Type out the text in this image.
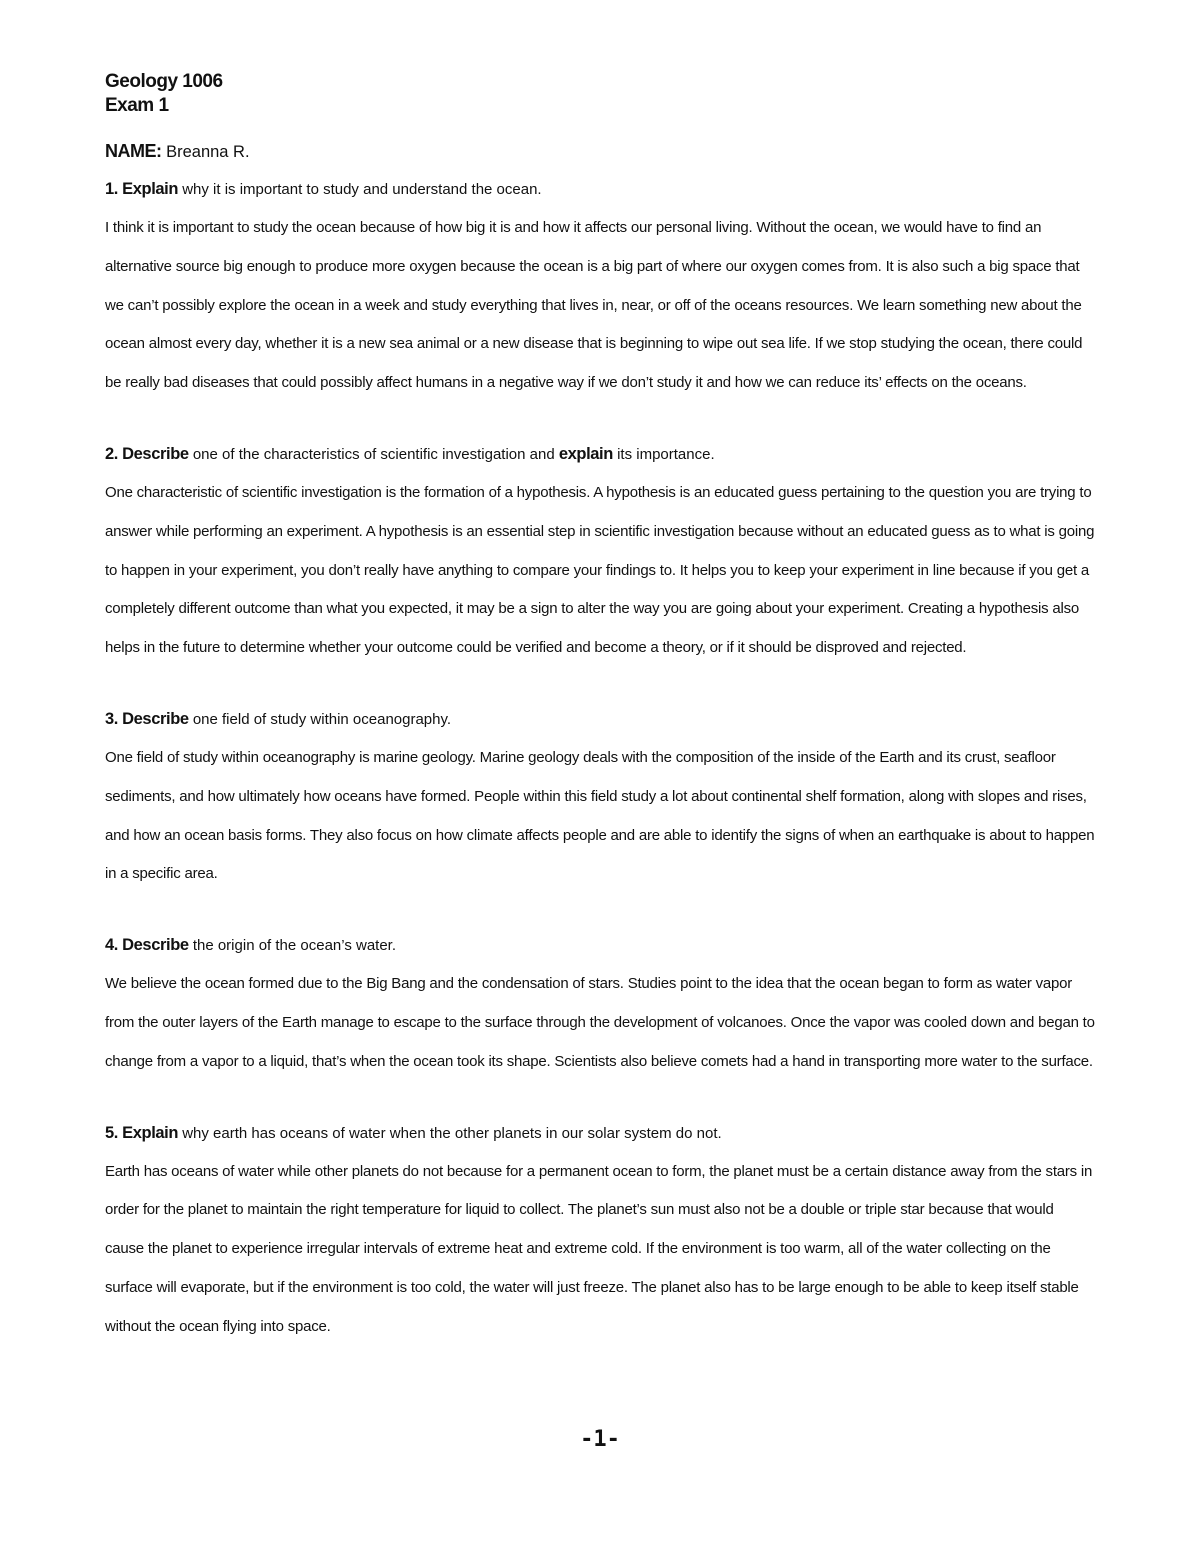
Geology 1006

Exam 1

NAME: Breanna R.

1. Explain why it is important to study and understand the ocean.

I think it is important to study the ocean because of how big it is and how it affects our personal living. Without the ocean, we would have to find an alternative source big enough to produce more oxygen because the ocean is a big part of where our oxygen comes from. It is also such a big space that we can’t possibly explore the ocean in a week and study everything that lives in, near, or off of the oceans resources. We learn something new about the ocean almost every day, whether it is a new sea animal or a new disease that is beginning to wipe out sea life. If we stop studying the ocean, there could be really bad diseases that could possibly affect humans in a negative way if we don’t study it and how we can reduce its’ effects on the oceans.

2. Describe one of the characteristics of scientific investigation and explain its importance.

One characteristic of scientific investigation is the formation of a hypothesis. A hypothesis is an educated guess pertaining to the question you are trying to answer while performing an experiment. A hypothesis is an essential step in scientific investigation because without an educated guess as to what is going to happen in your experiment, you don’t really have anything to compare your findings to. It helps you to keep your experiment in line because if you get a completely different outcome than what you expected, it may be a sign to alter the way you are going about your experiment. Creating a hypothesis also helps in the future to determine whether your outcome could be verified and become a theory, or if it should be disproved and rejected.

3. Describe one field of study within oceanography.

One field of study within oceanography is marine geology. Marine geology deals with the composition of the inside of the Earth and its crust, seafloor sediments, and how ultimately how oceans have formed. People within this field study a lot about continental shelf formation, along with slopes and rises, and how an ocean basis forms. They also focus on how climate affects people and are able to identify the signs of when an earthquake is about to happen in a specific area.

4. Describe the origin of the ocean’s water.

We believe the ocean formed due to the Big Bang and the condensation of stars. Studies point to the idea that the ocean began to form as water vapor from the outer layers of the Earth manage to escape to the surface through the development of volcanoes. Once the vapor was cooled down and began to change from a vapor to a liquid, that’s when the ocean took its shape. Scientists also believe comets had a hand in transporting more water to the surface.

5. Explain why earth has oceans of water when the other planets in our solar system do not.

Earth has oceans of water while other planets do not because for a permanent ocean to form, the planet must be a certain distance away from the stars in order for the planet to maintain the right temperature for liquid to collect. The planet’s sun must also not be a double or triple star because that would cause the planet to experience irregular intervals of extreme heat and extreme cold. If the environment is too warm, all of the water collecting on the surface will evaporate, but if the environment is too cold, the water will just freeze. The planet also has to be large enough to be able to keep itself stable without the ocean flying into space.

-1-
